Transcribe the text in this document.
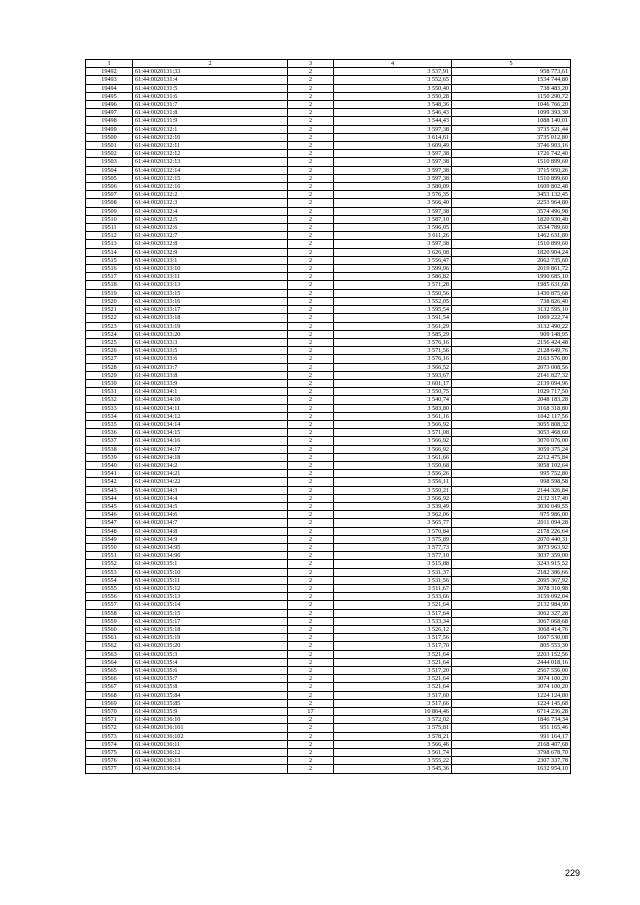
1	2	3	4	5
19492	61:44:0020131:33	2	3 537,91	958 773,61
19493	61:44:0020131:4	2	3 552,65	1534 744,80
19494	61:44:0020131:5	2	3 550,40	738 483,20
19495	61:44:0020131:6	2	3 550,28	1150 290,72
19496	61:44:0020131:7	2	3 548,36	1046 766,20
19497	61:44:0020131:8	2	3 546,43	1099 393,30
19498	61:44:0020131:9	2	3 544,43	1088 140,01
19499	61:44:0020132:1	2	3 597,38	3735 521,44
19500	61:44:0020132:10	2	3 614,61	3735 012,80
19501	61:44:0020132:11	2	3 609,49	3746 903,16
19502	61:44:0020132:12	2	3 597,38	1726 742,40
19503	61:44:0020132:13	2	3 597,38	1510 899,60
19504	61:44:0020132:14	2	3 597,38	3715 950,26
19505	61:44:0020132:15	2	3 597,38	1510 899,60
19506	61:44:0020132:16	2	3 580,09	1609 802,48
19507	61:44:0020132:2	2	3 576,35	3453 132,45
19508	61:44:0020132:3	2	3 566,40	2253 964,80
19509	61:44:0020132:4	2	3 597,38	3574 496,98
19510	61:44:0020132:5	2	3 587,10	1820 930,40
19511	61:44:0020132:6	2	3 596,05	3534 789,60
19512	61:44:0020132:7	2	3 611,26	1462 631,80
19513	61:44:0020132:8	2	3 597,38	1510 899,60
19514	61:44:0020132:9	2	3 626,08	1820 904,24
19515	61:44:0020133:1	2	3 556,47	2062 735,60
19516	61:44:0020133:10	2	3 599,96	2019 861,72
19517	61:44:0020133:11	2	3 586,82	1990 685,10
19518	61:44:0020133:13	2	3 571,28	1985 631,68
19519	61:44:0020133:15	2	3 550,56	1430 875,68
19520	61:44:0020133:16	2	3 552,05	738 826,40
19521	61:44:0020133:17	2	3 595,54	3132 595,10
19522	61:44:0020133:18	2	3 591,54	1069 222,74
19523	61:44:0020133:19	2	3 561,29	3132 490,22
19524	61:44:0020133:20	2	3 585,29	909 148,95
19525	61:44:0020133:3	2	3 576,16	2156 424,48
19526	61:44:0020133:5	2	3 571,56	2128 649,76
19527	61:44:0020133:6	2	3 576,16	2163 576,80
19528	61:44:0020133:7	2	3 566,52	2073 008,56
19529	61:44:0020133:8	2	3 593,67	2141 827,32
19530	61:44:0020133:9	2	3 601,17	2139 094,96
19531	61:44:0020134:1	2	3 550,75	1029 717,50
19532	61:44:0020134:10	2	3 540,74	2048 183,28
19533	61:44:0020134:11	2	3 583,80	3168 318,80
19534	61:44:0020134:12	2	3 561,16	1042 117,56
19535	61:44:0020134:14	2	3 566,92	3055 808,32
19536	61:44:0020134:15	2	3 571,08	3053 468,60
19537	61:44:0020134:16	2	3 566,92	3070 076,00
19538	61:44:0020134:17	2	3 566,92	3059 375,24
19539	61:44:0020134:18	2	3 561,66	2212 475,84
19540	61:44:0020134:2	2	3 550,68	3058 102,64
19541	61:44:0020134:21	2	3 556,26	995 752,80
19542	61:44:0020134:22	2	3 556,11	998 598,58
19543	61:44:0020134:3	2	3 550,21	2144 326,84
19544	61:44:0020134:4	2	3 566,92	2132 317,40
19545	61:44:0020134:5	2	3 539,49	3030 049,55
19546	61:44:0020134:6	2	3 562,06	975 986,00
19547	61:44:0020134:7	2	3 565,77	2011 094,28
19548	61:44:0020134:8	2	3 570,84	2178 226,64
19549	61:44:0020134:9	2	3 575,89	2070 440,31
19550	61:44:0020134:95	2	3 577,73	3073 963,92
19551	61:44:0020134:96	2	3 577,10	3037 359,00
19552	61:44:0020135:1	2	3 515,88	3243 915,52
19553	61:44:0020135:10	2	3 531,37	2182 386,66
19554	61:44:0020135:11	2	3 531,56	2095 367,92
19555	61:44:0020135:12	2	3 511,67	3078 310,98
19556	61:44:0020135:13	2	3 533,66	3159 092,04
19557	61:44:0020135:14	2	3 521,64	2132 984,90
19558	61:44:0020135:15	2	3 517,64	3062 327,28
19559	61:44:0020135:17	2	3 533,34	3067 068,68
19560	61:44:0020135:18	2	3 526,12	3068 414,76
19561	61:44:0020135:19	2	3 517,56	1607 530,08
19562	61:44:0020135:20	2	3 517,70	805 553,30
19563	61:44:0020135:3	2	3 521,64	2203 152,56
19564	61:44:0020135:4	2	3 521,64	2444 018,16
19565	61:44:0020135:6	2	3 517,20	2567 556,00
19566	61:44:0020135:7	2	3 521,64	3074 100,20
19567	61:44:0020135:8	2	3 521,64	3074 100,20
19568	61:44:0020135:84	2	3 517,60	1224 124,80
19569	61:44:0020135:85	2	3 517,66	1224 145,68
19570	61:44:0020135:9	17	10 864,46	6714 236,28
19571	61:44:0020136:10	2	3 572,02	1846 734,34
19572	61:44:0020136:101	2	3 575,81	951 165,46
19573	61:44:0020136:102	2	3 578,21	991 164,17
19574	61:44:0020136:11	2	3 566,46	2168 407,68
19575	61:44:0020136:12	2	3 561,74	3798 678,70
19576	61:44:0020136:13	2	3 555,22	2307 337,78
19577	61:44:0020136:14	2	3 545,36	1632 954,10
229
